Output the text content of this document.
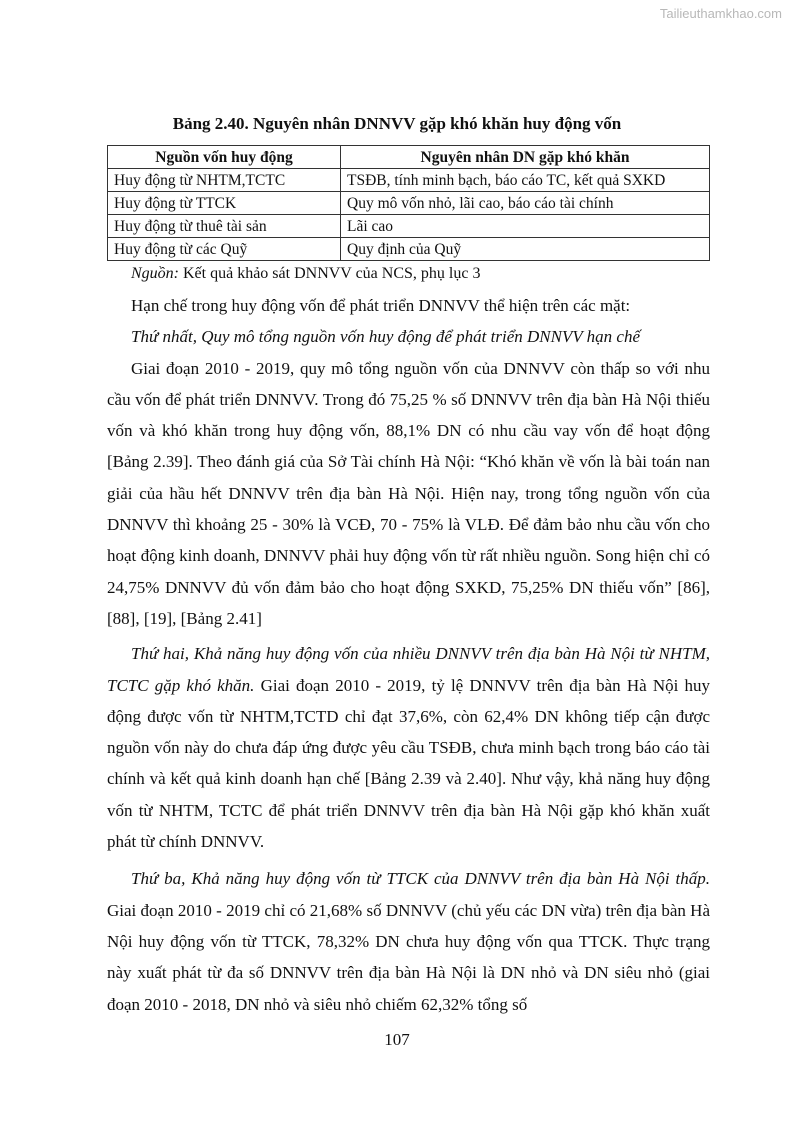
Tailieuthamkhao.com
Bảng 2.40. Nguyên nhân DNNVV gặp khó khăn huy động vốn
Nguồn vốn huy động	Nguyên nhân DN gặp khó khăn
Huy động từ NHTM,TCTC	TSĐB, tính minh bạch, báo cáo TC, kết quả SXKD
Huy động từ TTCK	Quy mô vốn nhỏ, lãi cao, báo cáo tài chính
Huy động từ thuê tài sản	Lãi cao
Huy động từ các Quỹ	Quy định của Quỹ
Nguồn: Kết quả khảo sát DNNVV của NCS, phụ lục 3

Hạn chế trong huy động vốn để phát triển DNNVV thể hiện trên các mặt:

Thứ nhất, Quy mô tổng nguồn vốn huy động để phát triển DNNVV hạn chế

Giai đoạn 2010 - 2019, quy mô tổng nguồn vốn của DNNVV còn thấp so với nhu cầu vốn để phát triển DNNVV. Trong đó 75,25 % số DNNVV trên địa bàn Hà Nội thiếu vốn và khó khăn trong huy động vốn, 88,1% DN có nhu cầu vay vốn để hoạt động [Bảng 2.39]. Theo đánh giá của Sở Tài chính Hà Nội: “Khó khăn về vốn là bài toán nan giải của hầu hết DNNVV trên địa bàn Hà Nội. Hiện nay, trong tổng nguồn vốn của DNNVV thì khoảng 25 - 30% là VCĐ, 70 - 75% là VLĐ. Để đảm bảo nhu cầu vốn cho hoạt động kinh doanh, DNNVV phải huy động vốn từ rất nhiều nguồn. Song hiện chỉ có 24,75% DNNVV đủ vốn đảm bảo cho hoạt động SXKD, 75,25% DN thiếu vốn” [86], [88], [19], [Bảng 2.41]

Thứ hai, Khả năng huy động vốn của nhiều DNNVV trên địa bàn Hà Nội từ NHTM, TCTC gặp khó khăn. Giai đoạn 2010 - 2019, tỷ lệ DNNVV trên địa bàn Hà Nội huy động được vốn từ NHTM,TCTD chỉ đạt 37,6%, còn 62,4% DN không tiếp cận được nguồn vốn này do chưa đáp ứng được yêu cầu TSĐB, chưa minh bạch trong báo cáo tài chính và kết quả kinh doanh hạn chế [Bảng 2.39 và 2.40]. Như vậy, khả năng huy động vốn từ NHTM, TCTC để phát triển DNNVV trên địa bàn Hà Nội gặp khó khăn xuất phát từ chính DNNVV.

Thứ ba, Khả năng huy động vốn từ TTCK của DNNVV trên địa bàn Hà Nội thấp. Giai đoạn 2010 - 2019 chỉ có 21,68% số DNNVV (chủ yếu các DN vừa) trên địa bàn Hà Nội huy động vốn từ TTCK, 78,32% DN chưa huy động vốn qua TTCK. Thực trạng này xuất phát từ đa số DNNVV trên địa bàn Hà Nội là DN nhỏ và DN siêu nhỏ (giai đoạn 2010 - 2018, DN nhỏ và siêu nhỏ chiếm 62,32% tổng số

107
